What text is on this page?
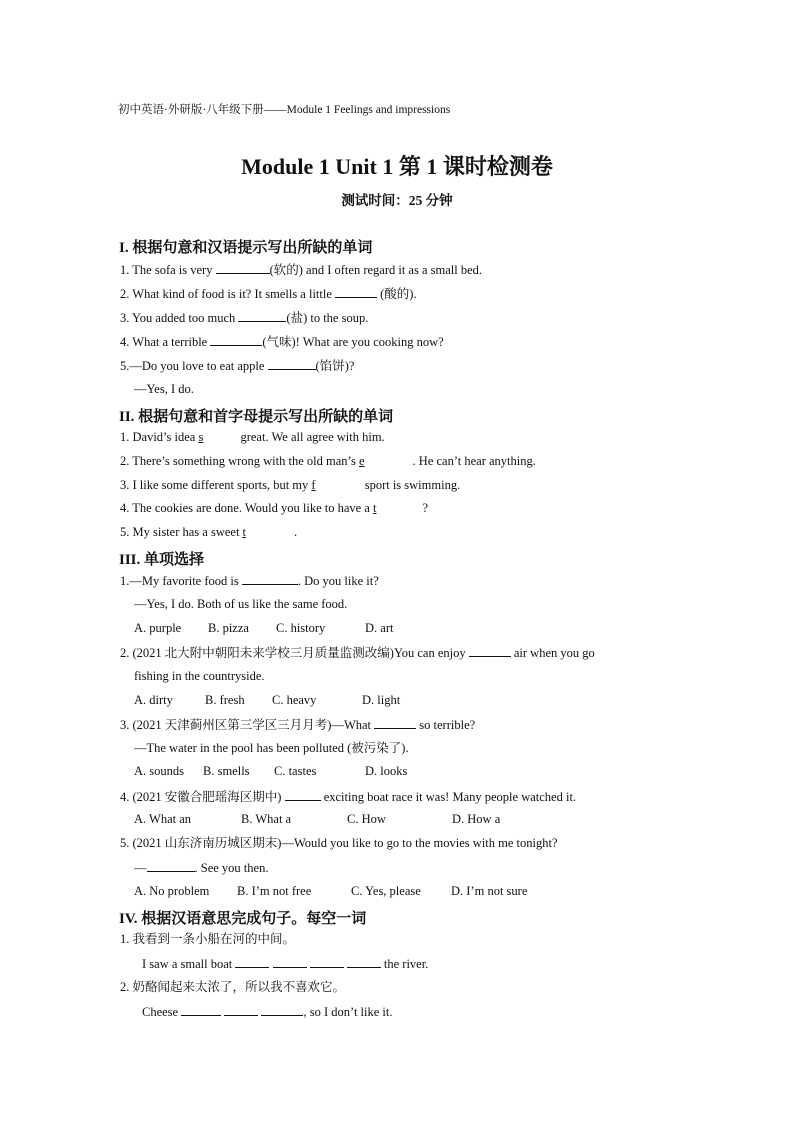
初中英语·外研版·八年级下册——Module 1 Feelings and impressions
Module 1 Unit 1 第 1 课时检测卷
测试时间：25 分钟
I. 根据句意和汉语提示写出所缺的单词
1. The sofa is very	(软的) and I often regard it as a small bed.
2. What kind of food is it? It smells a little	(酸的).
3. You added too much	(盐) to the soup.
4. What a terrible	(气味)! What are you cooking now?
5.—Do you love to eat apple	(馅饼)?
—Yes, I do.
II. 根据句意和首字母提示写出所缺的单词
1. David’s idea s	great. We all agree with him.
2. There’s something wrong with the old man’s e	. He can’t hear anything.
3. I like some different sports, but my f	sport is swimming.
4. The cookies are done. Would you like to have a t	?
5. My sister has a sweet t	.
III. 单项选择
1.—My favorite food is	. Do you like it?
—Yes, I do. Both of us like the same food.
A. purple B. pizza C. history	D. art
2. (2021 北大附中朝阳未来学校三月质量监测改编)You can enjoy	air when you go
fishing in the countryside.
A. dirty	B. fresh C. heavy	D. light
3. (2021 天津蓟州区第三学区三月月考)—What	so terrible?
—The water in the pool has been polluted (被污染了).
A. sounds B. smells C. tastes	D. looks
4. (2021 安徽合肥瑶海区期中)	exciting boat race it was! Many people watched it.
A. What an	B. What a	C. How	D. How a
5. (2021 山东济南历城区期末)—Would you like to go to the movies with me tonight?
—	. See you then.
A. No problem B. I’m not free	C. Yes, please D. I’m not sure
IV. 根据汉语意思完成句子。每空一词
1. 我看到一条小船在河的中间。
I saw a small boat	the river.
2. 奶酪闻起来太浓了，所以我不喜欢它。
Cheese	, so I don’t like it.
